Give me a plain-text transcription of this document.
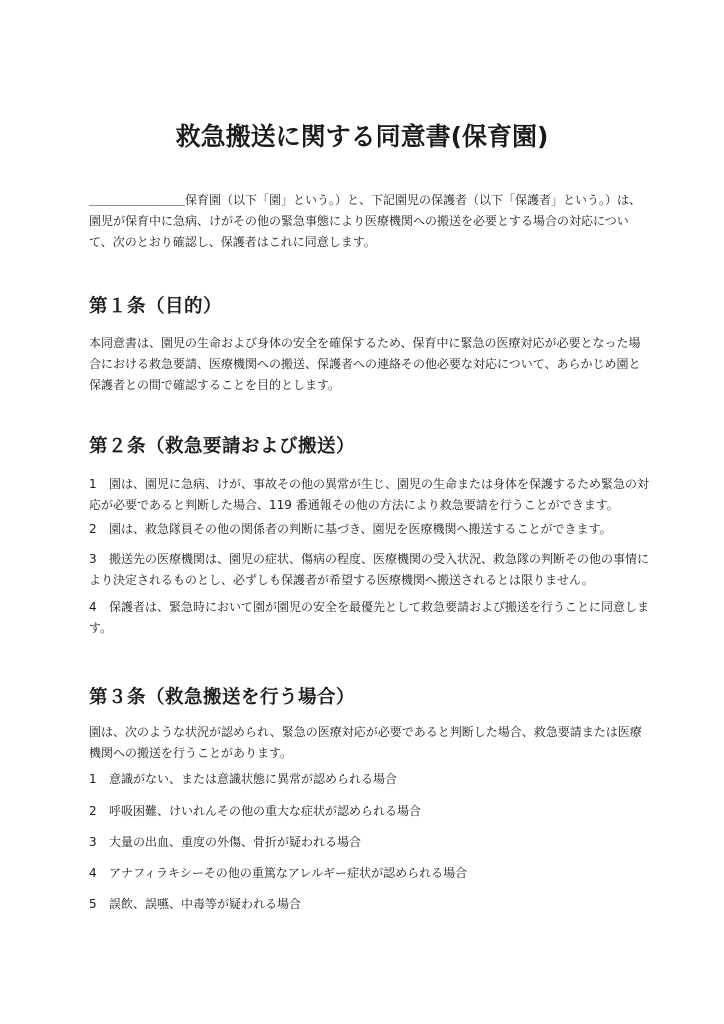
救急搬送に関する同意書(保育園)

＿＿＿＿＿＿＿＿保育園（以下「園」という。）と、下記園児の保護者（以下「保護者」という。）は、園児が保育中に急病、けがその他の緊急事態により医療機関への搬送を必要とする場合の対応について、次のとおり確認し、保護者はこれに同意します。

第１条（目的）

本同意書は、園児の生命および身体の安全を確保するため、保育中に緊急の医療対応が必要となった場合における救急要請、医療機関への搬送、保護者への連絡その他必要な対応について、あらかじめ園と保護者との間で確認することを目的とします。

第２条（救急要請および搬送）

1 園は、園児に急病、けが、事故その他の異常が生じ、園児の生命または身体を保護するため緊急の対応が必要であると判断した場合、119 番通報その他の方法により救急要請を行うことができます。

2 園は、救急隊員その他の関係者の判断に基づき、園児を医療機関へ搬送することができます。

3 搬送先の医療機関は、園児の症状、傷病の程度、医療機関の受入状況、救急隊の判断その他の事情により決定されるものとし、必ずしも保護者が希望する医療機関へ搬送されるとは限りません。

4 保護者は、緊急時において園が園児の安全を最優先として救急要請および搬送を行うことに同意します。

第３条（救急搬送を行う場合）

園は、次のような状況が認められ、緊急の医療対応が必要であると判断した場合、救急要請または医療機関への搬送を行うことがあります。

1 意識がない、または意識状態に異常が認められる場合

2 呼吸困難、けいれんその他の重大な症状が認められる場合

3 大量の出血、重度の外傷、骨折が疑われる場合

4 アナフィラキシーその他の重篤なアレルギー症状が認められる場合

5 誤飲、誤嚥、中毒等が疑われる場合
